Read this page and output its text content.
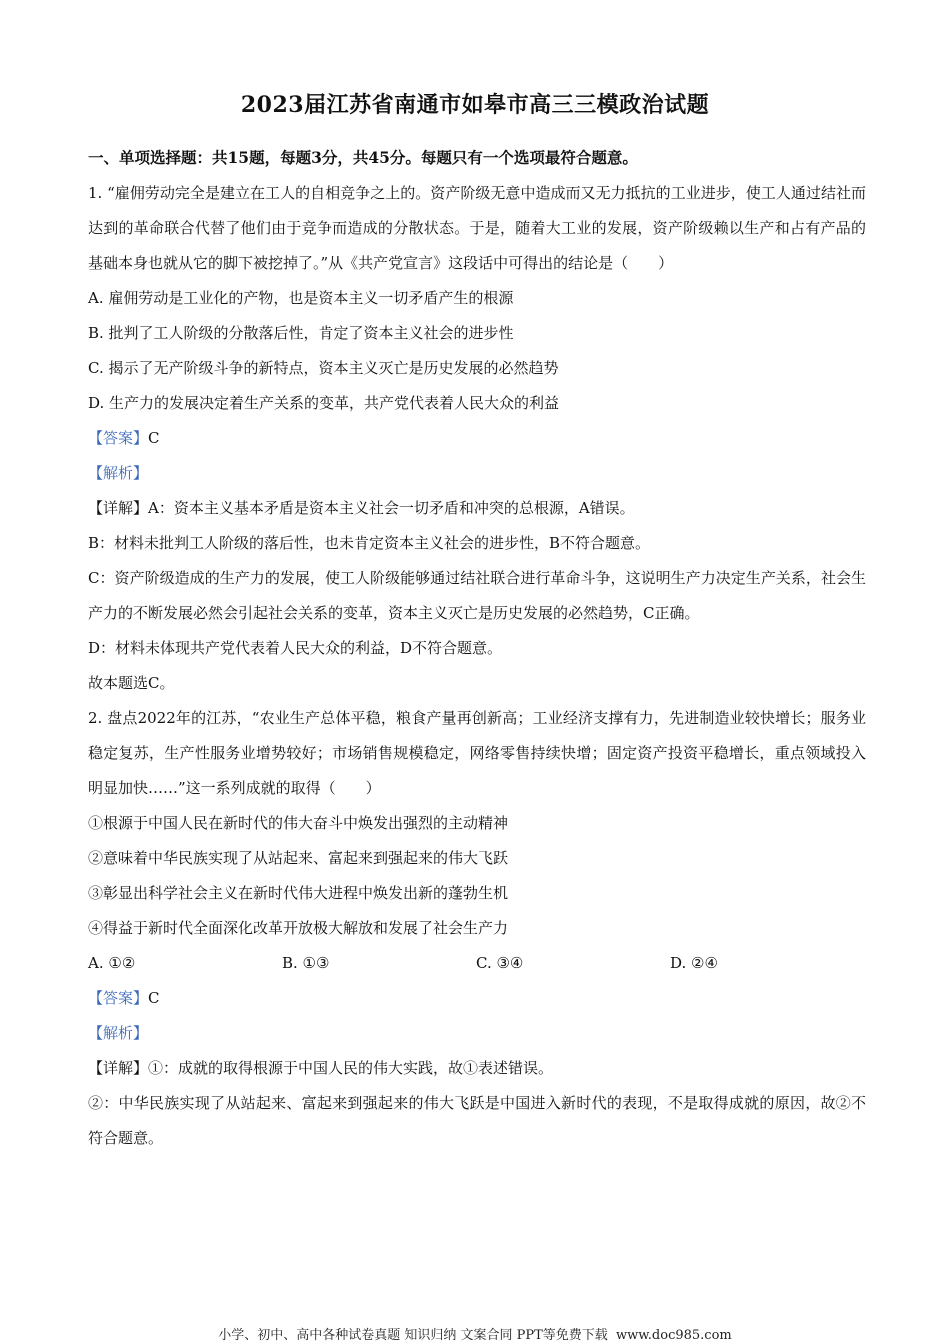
2023届江苏省南通市如皋市高三三模政治试题
一、单项选择题：共15题，每题3分，共45分。每题只有一个选项最符合题意。

1. “雇佣劳动完全是建立在工人的自相竞争之上的。资产阶级无意中造成而又无力抵抗的工业进步，使工人通过结社而达到的革命联合代替了他们由于竞争而造成的分散状态。于是，随着大工业的发展，资产阶级赖以生产和占有产品的基础本身也就从它的脚下被挖掉了。”从《共产党宣言》这段话中可得出的结论是（　　）

A. 雇佣劳动是工业化的产物，也是资本主义一切矛盾产生的根源

B. 批判了工人阶级的分散落后性，肯定了资本主义社会的进步性

C. 揭示了无产阶级斗争的新特点，资本主义灭亡是历史发展的必然趋势

D. 生产力的发展决定着生产关系的变革，共产党代表着人民大众的利益

【答案】C

【解析】

【详解】A：资本主义基本矛盾是资本主义社会一切矛盾和冲突的总根源，A错误。

B：材料未批判工人阶级的落后性，也未肯定资本主义社会的进步性，B不符合题意。

C：资产阶级造成的生产力的发展，使工人阶级能够通过结社联合进行革命斗争，这说明生产力决定生产关系，社会生产力的不断发展必然会引起社会关系的变革，资本主义灭亡是历史发展的必然趋势，C正确。

D：材料未体现共产党代表着人民大众的利益，D不符合题意。

故本题选C。

2. 盘点2022年的江苏，“农业生产总体平稳，粮食产量再创新高；工业经济支撑有力，先进制造业较快增长；服务业稳定复苏，生产性服务业增势较好；市场销售规模稳定，网络零售持续快增；固定资产投资平稳增长，重点领域投入明显加快……”这一系列成就的取得（　　）

①根源于中国人民在新时代的伟大奋斗中焕发出强烈的主动精神

②意味着中华民族实现了从站起来、富起来到强起来的伟大飞跃

③彰显出科学社会主义在新时代伟大进程中焕发出新的蓬勃生机

④得益于新时代全面深化改革开放极大解放和发展了社会生产力

A. ①②	B. ①③	C. ③④	D. ②④

【答案】C

【解析】

【详解】①：成就的取得根源于中国人民的伟大实践，故①表述错误。

②：中华民族实现了从站起来、富起来到强起来的伟大飞跃是中国进入新时代的表现，不是取得成就的原因，故②不符合题意。

小学、初中、高中各种试卷真题 知识归纳 文案合同 PPT等免费下载 www.doc985.com
